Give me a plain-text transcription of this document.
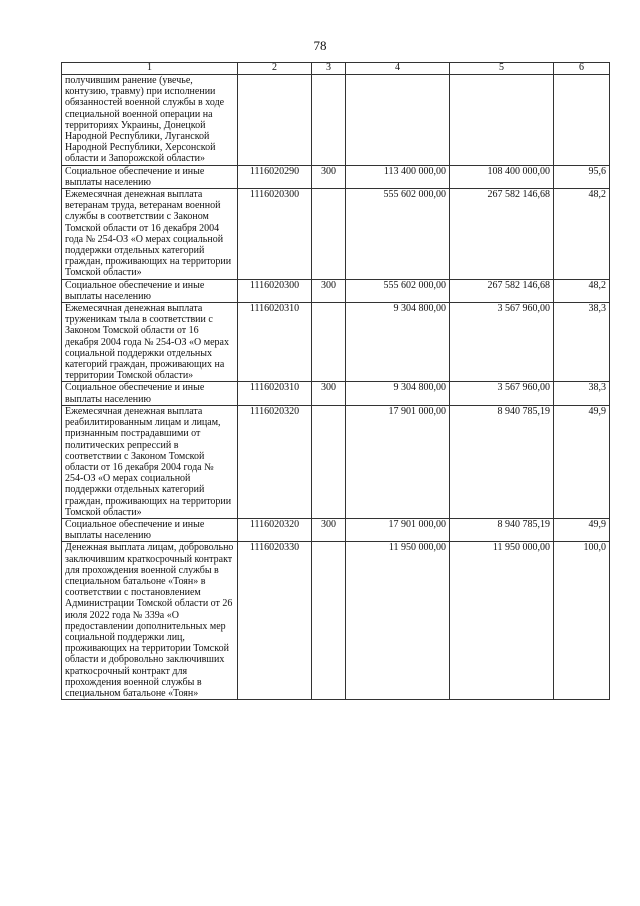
78
1	2	3	4	5	6
получившим ранение (увечье, контузию, травму) при исполнении обязанностей военной службы в ходе специальной военной операции на территориях Украины, Донецкой Народной Республики, Луганской Народной Республики, Херсонской области и Запорожской области»					
Социальное обеспечение и иные выплаты населению	1116020290	300	113 400 000,00	108 400 000,00	95,6
Ежемесячная денежная выплата ветеранам труда, ветеранам военной службы в соответствии с Законом Томской области от 16 декабря 2004 года № 254-ОЗ «О мерах социальной поддержки отдельных категорий граждан, проживающих на территории Томской области»	1116020300		555 602 000,00	267 582 146,68	48,2
Социальное обеспечение и иные выплаты населению	1116020300	300	555 602 000,00	267 582 146,68	48,2
Ежемесячная денежная выплата труженикам тыла в соответствии с Законом Томской области от 16 декабря 2004 года № 254-ОЗ «О мерах социальной поддержки отдельных категорий граждан, проживающих на территории Томской области»	1116020310		9 304 800,00	3 567 960,00	38,3
Социальное обеспечение и иные выплаты населению	1116020310	300	9 304 800,00	3 567 960,00	38,3
Ежемесячная денежная выплата реабилитированным лицам и лицам, признанным пострадавшими от политических репрессий в соответствии с Законом Томской области от 16 декабря 2004 года № 254-ОЗ «О мерах социальной поддержки отдельных категорий граждан, проживающих на территории Томской области»	1116020320		17 901 000,00	8 940 785,19	49,9
Социальное обеспечение и иные выплаты населению	1116020320	300	17 901 000,00	8 940 785,19	49,9
Денежная выплата лицам, добровольно заключившим краткосрочный контракт для прохождения военной службы в специальном батальоне «Тоян» в соответствии с постановлением Администрации Томской области от 26 июля 2022 года № 339а «О предоставлении дополнительных мер социальной поддержки лиц, проживающих на территории Томской области и добровольно заключивших краткосрочный контракт для прохождения военной службы в специальном батальоне «Тоян»	1116020330		11 950 000,00	11 950 000,00	100,0
